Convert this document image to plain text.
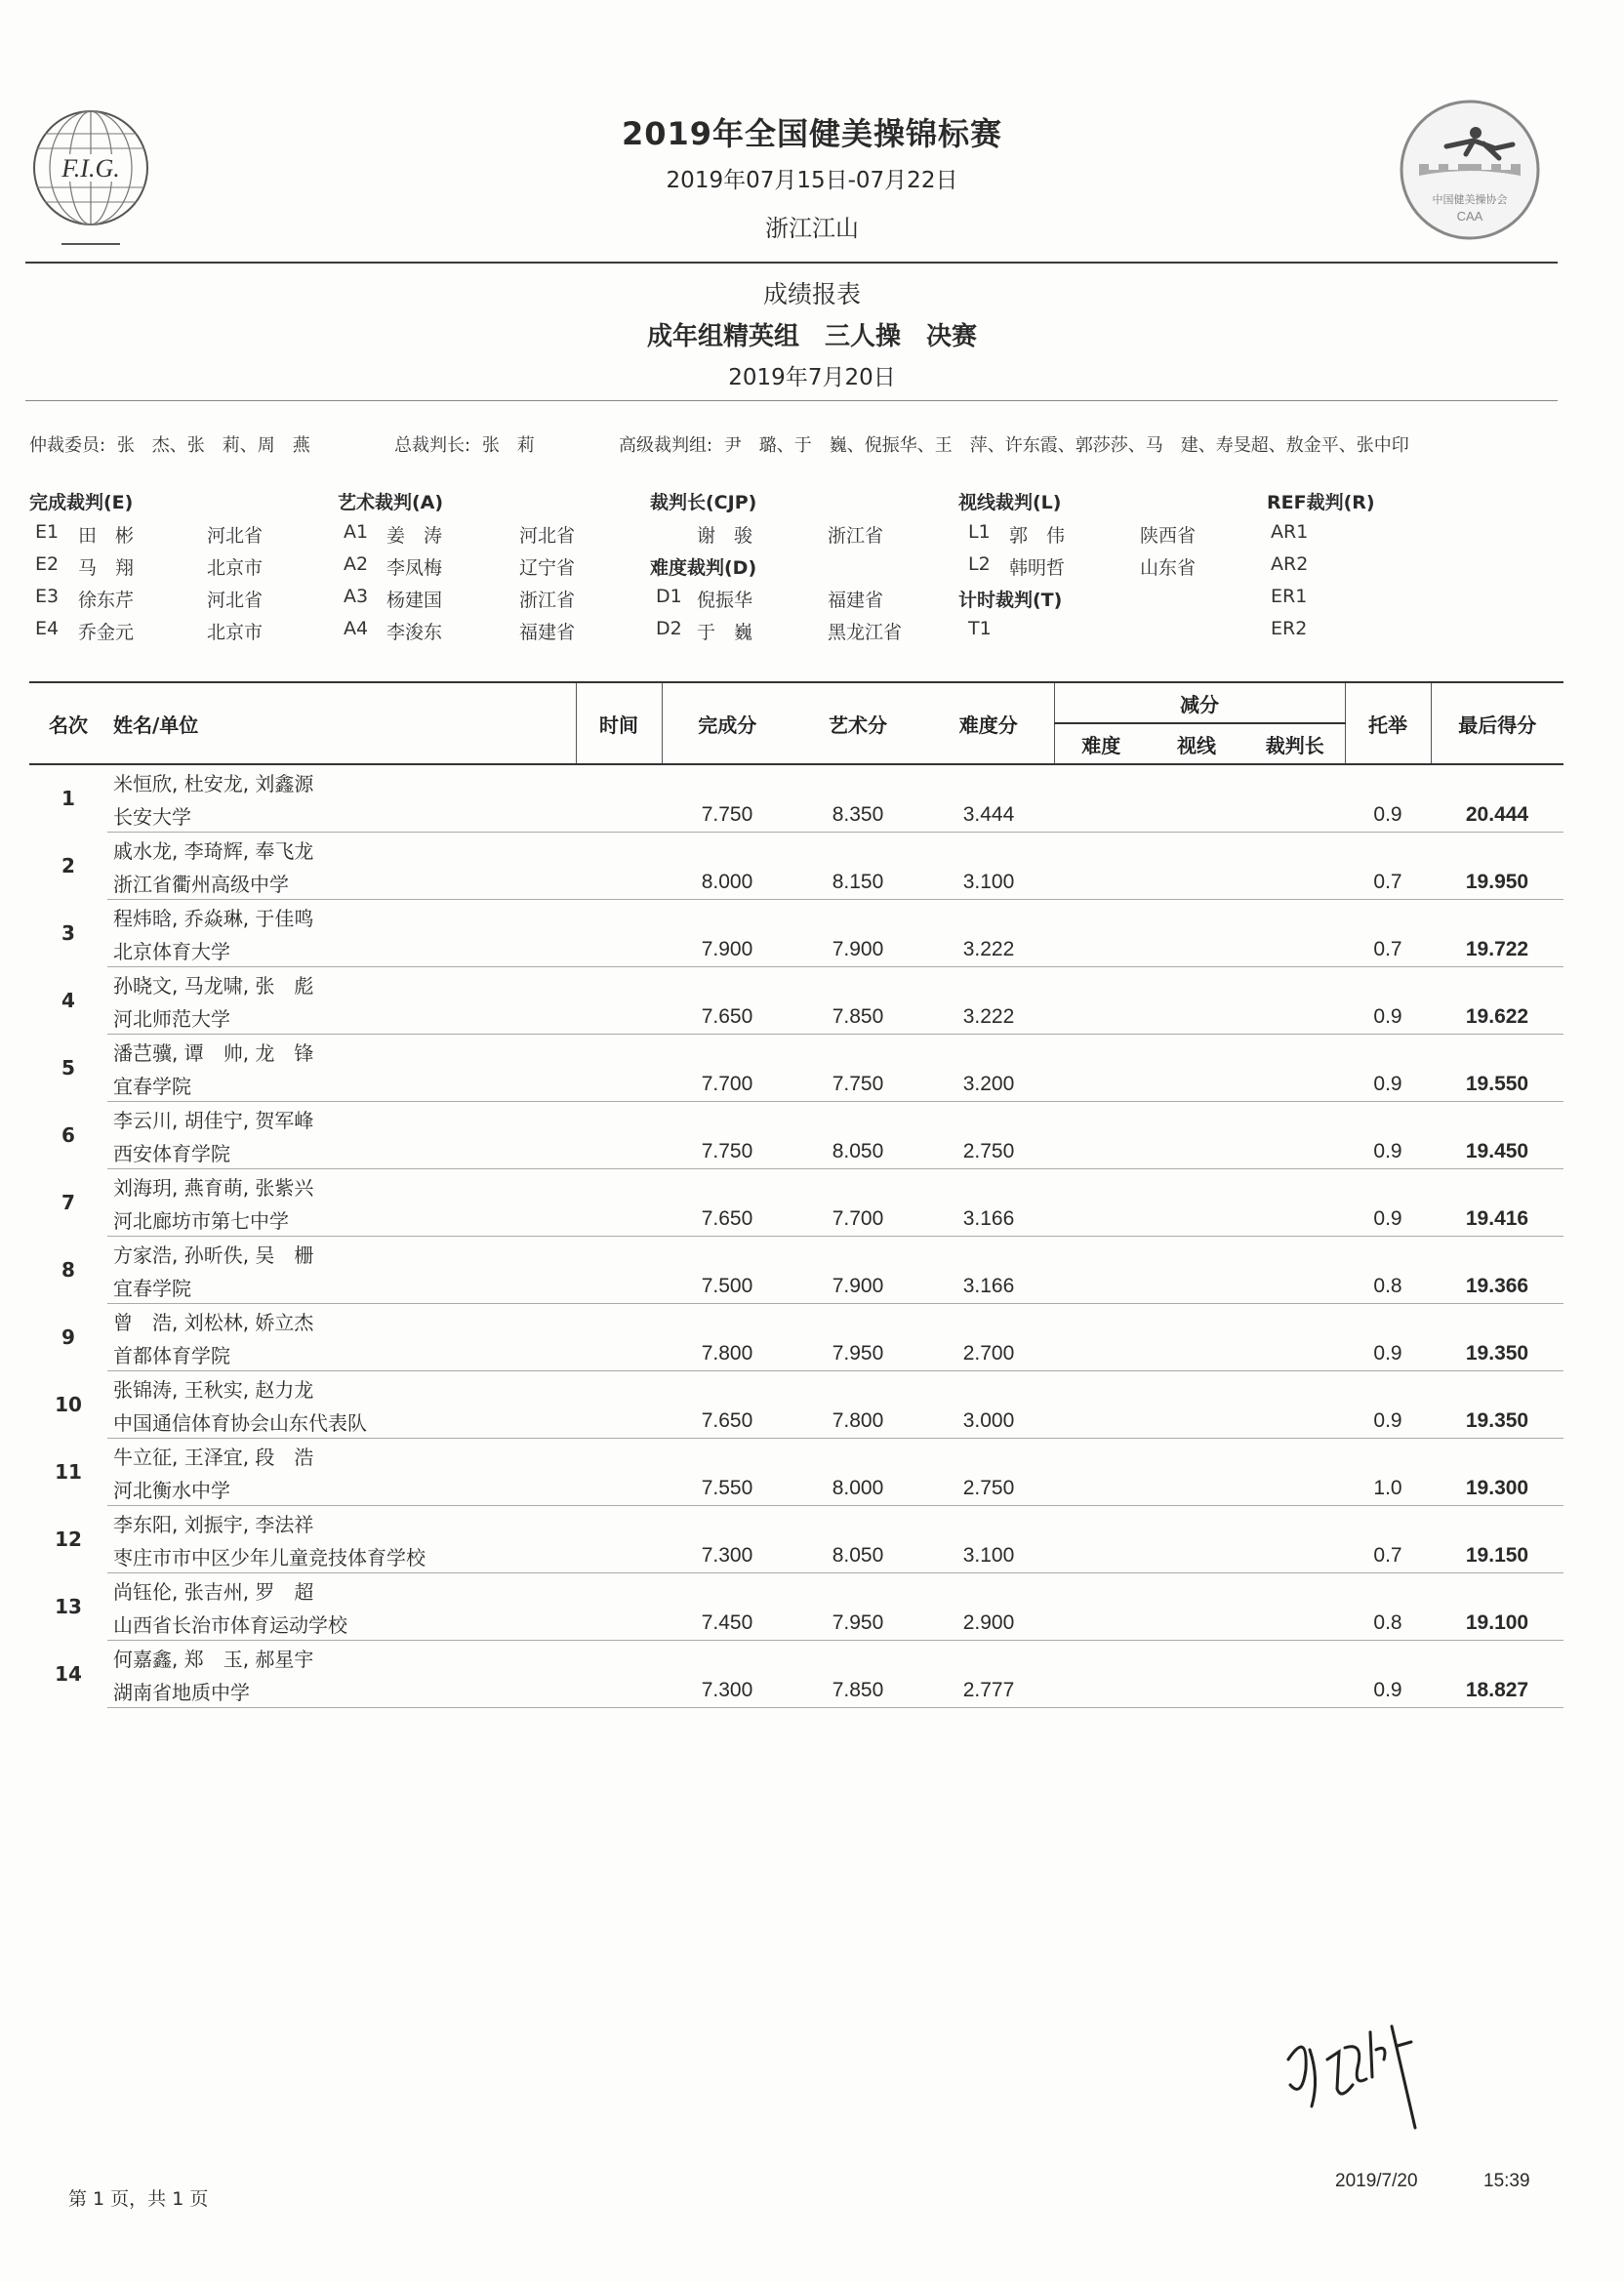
F.I.G.
中国健美操协会
CAA
2019年全国健美操锦标赛
2019年07月15日-07月22日
浙江江山
成绩报表
成年组精英组　三人操　决赛
2019年7月20日
仲裁委员: 张　杰、张　莉、周　燕	总裁判长: 张　莉	高级裁判组: 尹　璐、于　巍、倪振华、王　萍、许东霞、郭莎莎、马　建、寿旻超、敖金平、张中印
完成裁判(E)	艺术裁判(A)	裁判长(CJP)	视线裁判(L)	REF裁判(R)
E1 田　彬	河北省
E2 马　翔	北京市
E3 徐东芹	河北省
E4 乔金元	北京市
A1 姜　涛	河北省
A2 李凤梅	辽宁省
A3 杨建国	浙江省
A4 李浚东	福建省
谢　骏	浙江省
难度裁判(D)
D1 倪振华	福建省
D2 于　巍	黑龙江省
L1 郭　伟	陕西省
L2 韩明哲	山东省
计时裁判(T)
T1
AR1
AR2
ER1
ER2
名次	姓名/单位	时间	完成分	艺术分	难度分	减分			托举	最后得分
						难度	视线	裁判长		
1	米恒欣, 杜安龙, 刘鑫源									
	长安大学		7.750	8.350	3.444				0.9	20.444
2	戚水龙, 李琦辉, 奉飞龙									
	浙江省衢州高级中学		8.000	8.150	3.100				0.7	19.950
3	程炜晗, 乔焱琳, 于佳鸣									
	北京体育大学		7.900	7.900	3.222				0.7	19.722
4	孙晓文, 马龙啸, 张　彪									
	河北师范大学		7.650	7.850	3.222				0.9	19.622
5	潘芑骥, 谭　帅, 龙　锋									
	宜春学院		7.700	7.750	3.200				0.9	19.550
6	李云川, 胡佳宁, 贺军峰									
	西安体育学院		7.750	8.050	2.750				0.9	19.450
7	刘海玥, 燕育萌, 张紫兴									
	河北廊坊市第七中学		7.650	7.700	3.166				0.9	19.416
8	方家浩, 孙昕佚, 吴　栅									
	宜春学院		7.500	7.900	3.166				0.8	19.366
9	曾　浩, 刘松林, 娇立杰									
	首都体育学院		7.800	7.950	2.700				0.9	19.350
10	张锦涛, 王秋实, 赵力龙									
	中国通信体育协会山东代表队		7.650	7.800	3.000				0.9	19.350
11	牛立征, 王泽宜, 段　浩									
	河北衡水中学		7.550	8.000	2.750				1.0	19.300
12	李东阳, 刘振宇, 李法祥									
	枣庄市市中区少年儿童竞技体育学校		7.300	8.050	3.100				0.7	19.150
13	尚钰伦, 张吉州, 罗　超									
	山西省长治市体育运动学校		7.450	7.950	2.900				0.8	19.100
14	何嘉鑫, 郑　玉, 郝星宇									
	湖南省地质中学		7.300	7.850	2.777				0.9	18.827
第 1 页，共 1 页
2019/7/20	15:39
